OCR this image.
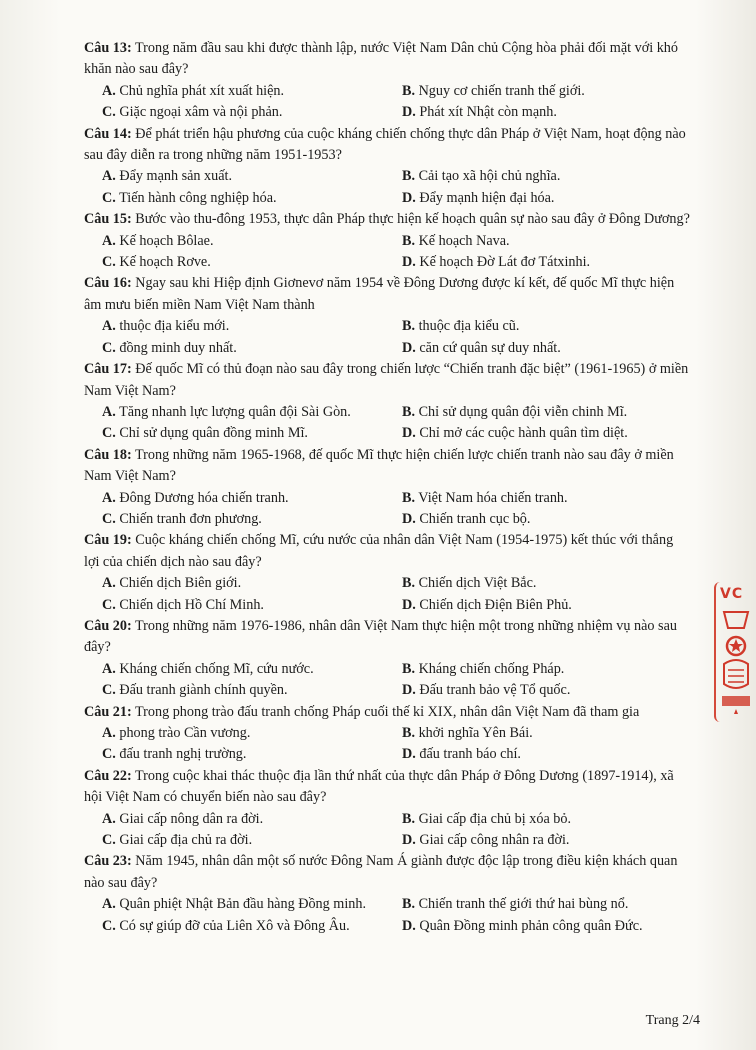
Câu 13: Trong năm đầu sau khi được thành lập, nước Việt Nam Dân chủ Cộng hòa phải đối mặt với khó khăn nào sau đây?

A. Chủ nghĩa phát xít xuất hiện.	B. Nguy cơ chiến tranh thế giới.
C. Giặc ngoại xâm và nội phản.	D. Phát xít Nhật còn mạnh.

Câu 14: Để phát triển hậu phương của cuộc kháng chiến chống thực dân Pháp ở Việt Nam, hoạt động nào sau đây diễn ra trong những năm 1951-1953?

A. Đẩy mạnh sản xuất.	B. Cải tạo xã hội chủ nghĩa.
C. Tiến hành công nghiệp hóa.	D. Đẩy mạnh hiện đại hóa.

Câu 15: Bước vào thu-đông 1953, thực dân Pháp thực hiện kế hoạch quân sự nào sau đây ở Đông Dương?

A. Kế hoạch Bôlae.	B. Kế hoạch Nava.
C. Kế hoạch Rơve.	D. Kế hoạch Đờ Lát đơ Tátxinhi.

Câu 16: Ngay sau khi Hiệp định Giơnevơ năm 1954 về Đông Dương được kí kết, đế quốc Mĩ thực hiện âm mưu biến miền Nam Việt Nam thành

A. thuộc địa kiểu mới.	B. thuộc địa kiểu cũ.
C. đồng minh duy nhất.	D. căn cứ quân sự duy nhất.

Câu 17: Đế quốc Mĩ có thủ đoạn nào sau đây trong chiến lược “Chiến tranh đặc biệt” (1961-1965) ở miền Nam Việt Nam?

A. Tăng nhanh lực lượng quân đội Sài Gòn.	B. Chỉ sử dụng quân đội viễn chinh Mĩ.
C. Chỉ sử dụng quân đồng minh Mĩ.	D. Chỉ mở các cuộc hành quân tìm diệt.

Câu 18: Trong những năm 1965-1968, đế quốc Mĩ thực hiện chiến lược chiến tranh nào sau đây ở miền Nam Việt Nam?

A. Đông Dương hóa chiến tranh.	B. Việt Nam hóa chiến tranh.
C. Chiến tranh đơn phương.	D. Chiến tranh cục bộ.

Câu 19: Cuộc kháng chiến chống Mĩ, cứu nước của nhân dân Việt Nam (1954-1975) kết thúc với thắng lợi của chiến dịch nào sau đây?

A. Chiến dịch Biên giới.	B. Chiến dịch Việt Bắc.
C. Chiến dịch Hồ Chí Minh.	D. Chiến dịch Điện Biên Phủ.

Câu 20: Trong những năm 1976-1986, nhân dân Việt Nam thực hiện một trong những nhiệm vụ nào sau đây?

A. Kháng chiến chống Mĩ, cứu nước.	B. Kháng chiến chống Pháp.
C. Đấu tranh giành chính quyền.	D. Đấu tranh bảo vệ Tổ quốc.

Câu 21: Trong phong trào đấu tranh chống Pháp cuối thế kỉ XIX, nhân dân Việt Nam đã tham gia

A. phong trào Cần vương.	B. khởi nghĩa Yên Bái.
C. đấu tranh nghị trường.	D. đấu tranh báo chí.

Câu 22: Trong cuộc khai thác thuộc địa lần thứ nhất của thực dân Pháp ở Đông Dương (1897-1914), xã hội Việt Nam có chuyển biến nào sau đây?

A. Giai cấp nông dân ra đời.	B. Giai cấp địa chủ bị xóa bỏ.
C. Giai cấp địa chủ ra đời.	D. Giai cấp công nhân ra đời.

Câu 23: Năm 1945, nhân dân một số nước Đông Nam Á giành được độc lập trong điều kiện khách quan nào sau đây?

A. Quân phiệt Nhật Bản đầu hàng Đồng minh.	B. Chiến tranh thế giới thứ hai bùng nổ.
C. Có sự giúp đỡ của Liên Xô và Đông Âu.	D. Quân Đồng minh phản công quân Đức.
VC
Trang 2/4
